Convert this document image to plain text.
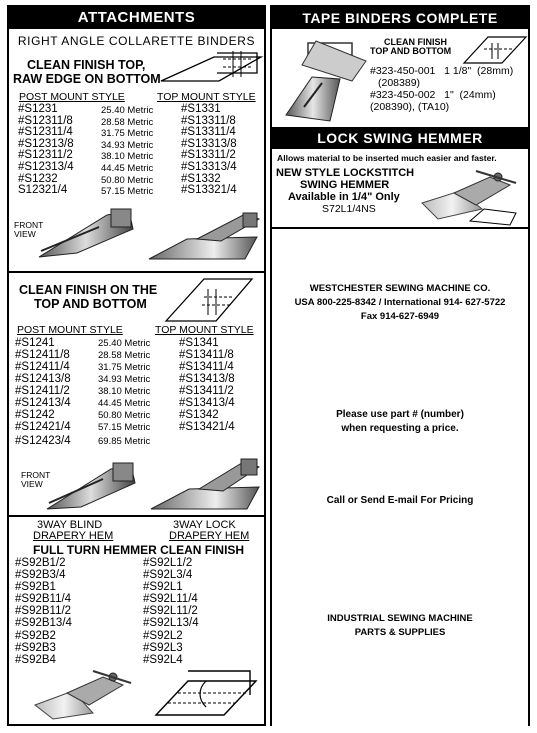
ATTACHMENTS
RIGHT ANGLE COLLARETTE BINDERS
CLEAN FINISH TOP,
RAW EDGE ON BOTTOM
POST MOUNT STYLE	TOP MOUNT STYLE
#S1231
#S12311/8
#S12311/4
#S12313/8
#S12311/2
#S12313/4
#S1232
S12321/4
25.40 Metric
28.58 Metric
31.75 Metric
34.93 Metric
38.10 Metric
44.45 Metric
50.80 Metric
57.15 Metric
#S1331
#S13311/8
#S13311/4
#S13313/8
#S13311/2
#S13313/4
#S1332
#S13321/4
FRONT
VIEW
CLEAN FINISH ON THE
TOP AND BOTTOM
POST MOUNT STYLE	TOP MOUNT STYLE
#S1241
#S12411/8
#S12411/4
#S12413/8
#S12411/2
#S12413/4
#S1242
#S12421/4
#S12423/4
25.40 Metric
28.58 Metric
31.75 Metric
34.93 Metric
38.10 Metric
44.45 Metric
50.80 Metric
57.15 Metric
69.85 Metric
#S1341
#S13411/8
#S13411/4
#S13413/8
#S13411/2
#S13413/4
#S1342
#S13421/4
FRONT
VIEW
3WAY BLIND
DRAPERY HEM
3WAY LOCK
DRAPERY HEM
FULL TURN HEMMER CLEAN FINISH
#S92B1/2
#S92B3/4
#S92B1
#S92B11/4
#S92B11/2
#S92B13/4
#S92B2
#S92B3
#S92B4
#S92L1/2
#S92L3/4
#S92L1
#S92L11/4
#S92L11/2
#S92L13/4
#S92L2
#S92L3
#S92L4
TAPE BINDERS COMPLETE
CLEAN FINISH
TOP AND BOTTOM
#323-450-001   1 1/8"  (28mm)
(208389)
#323-450-002   1"  (24mm)
(208390), (TA10)
LOCK SWING HEMMER
Allows material to be inserted much easier and faster.
NEW STYLE LOCKSTITCH
SWING HEMMER
Available in 1/4" Only
S72L1/4NS
WESTCHESTER SEWING MACHINE CO.
USA 800-225-8342 / International 914- 627-5722
Fax 914-627-6949
Please use part # (number)
when requesting a price.
Call or Send E-mail For Pricing
INDUSTRIAL SEWING MACHINE
PARTS & SUPPLIES
